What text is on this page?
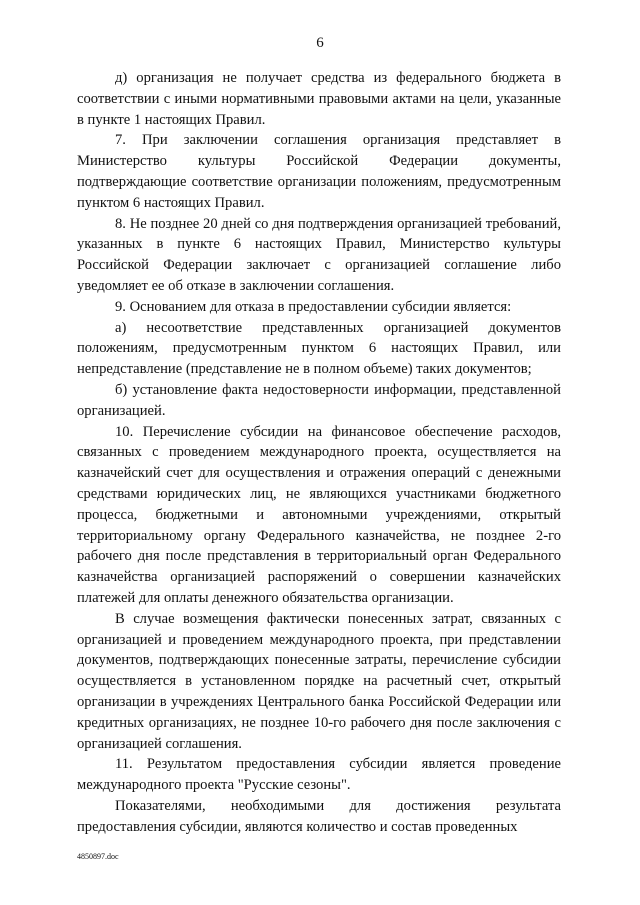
6

д) организация не получает средства из федерального бюджета в соответствии с иными нормативными правовыми актами на цели, указанные в пункте 1 настоящих Правил.

7. При заключении соглашения организация представляет в Министерство культуры Российской Федерации документы, подтверждающие соответствие организации положениям, предусмотренным пунктом 6 настоящих Правил.

8. Не позднее 20 дней со дня подтверждения организацией требований, указанных в пункте 6 настоящих Правил, Министерство культуры Российской Федерации заключает с организацией соглашение либо уведомляет ее об отказе в заключении соглашения.

9. Основанием для отказа в предоставлении субсидии является:

а) несоответствие представленных организацией документов положениям, предусмотренным пунктом 6 настоящих Правил, или непредставление (представление не в полном объеме) таких документов;

б) установление факта недостоверности информации, представленной организацией.

10. Перечисление субсидии на финансовое обеспечение расходов, связанных с проведением международного проекта, осуществляется на казначейский счет для осуществления и отражения операций с денежными средствами юридических лиц, не являющихся участниками бюджетного процесса, бюджетными и автономными учреждениями, открытый территориальному органу Федерального казначейства, не позднее 2-го рабочего дня после представления в территориальный орган Федерального казначейства организацией распоряжений о совершении казначейских платежей для оплаты денежного обязательства организации.

В случае возмещения фактически понесенных затрат, связанных с организацией и проведением международного проекта, при представлении документов, подтверждающих понесенные затраты, перечисление субсидии осуществляется в установленном порядке на расчетный счет, открытый организации в учреждениях Центрального банка Российской Федерации или кредитных организациях, не позднее 10-го рабочего дня после заключения с организацией соглашения.

11. Результатом предоставления субсидии является проведение международного проекта "Русские сезоны".

Показателями, необходимыми для достижения результата предоставления субсидии, являются количество и состав проведенных

4850897.doc
